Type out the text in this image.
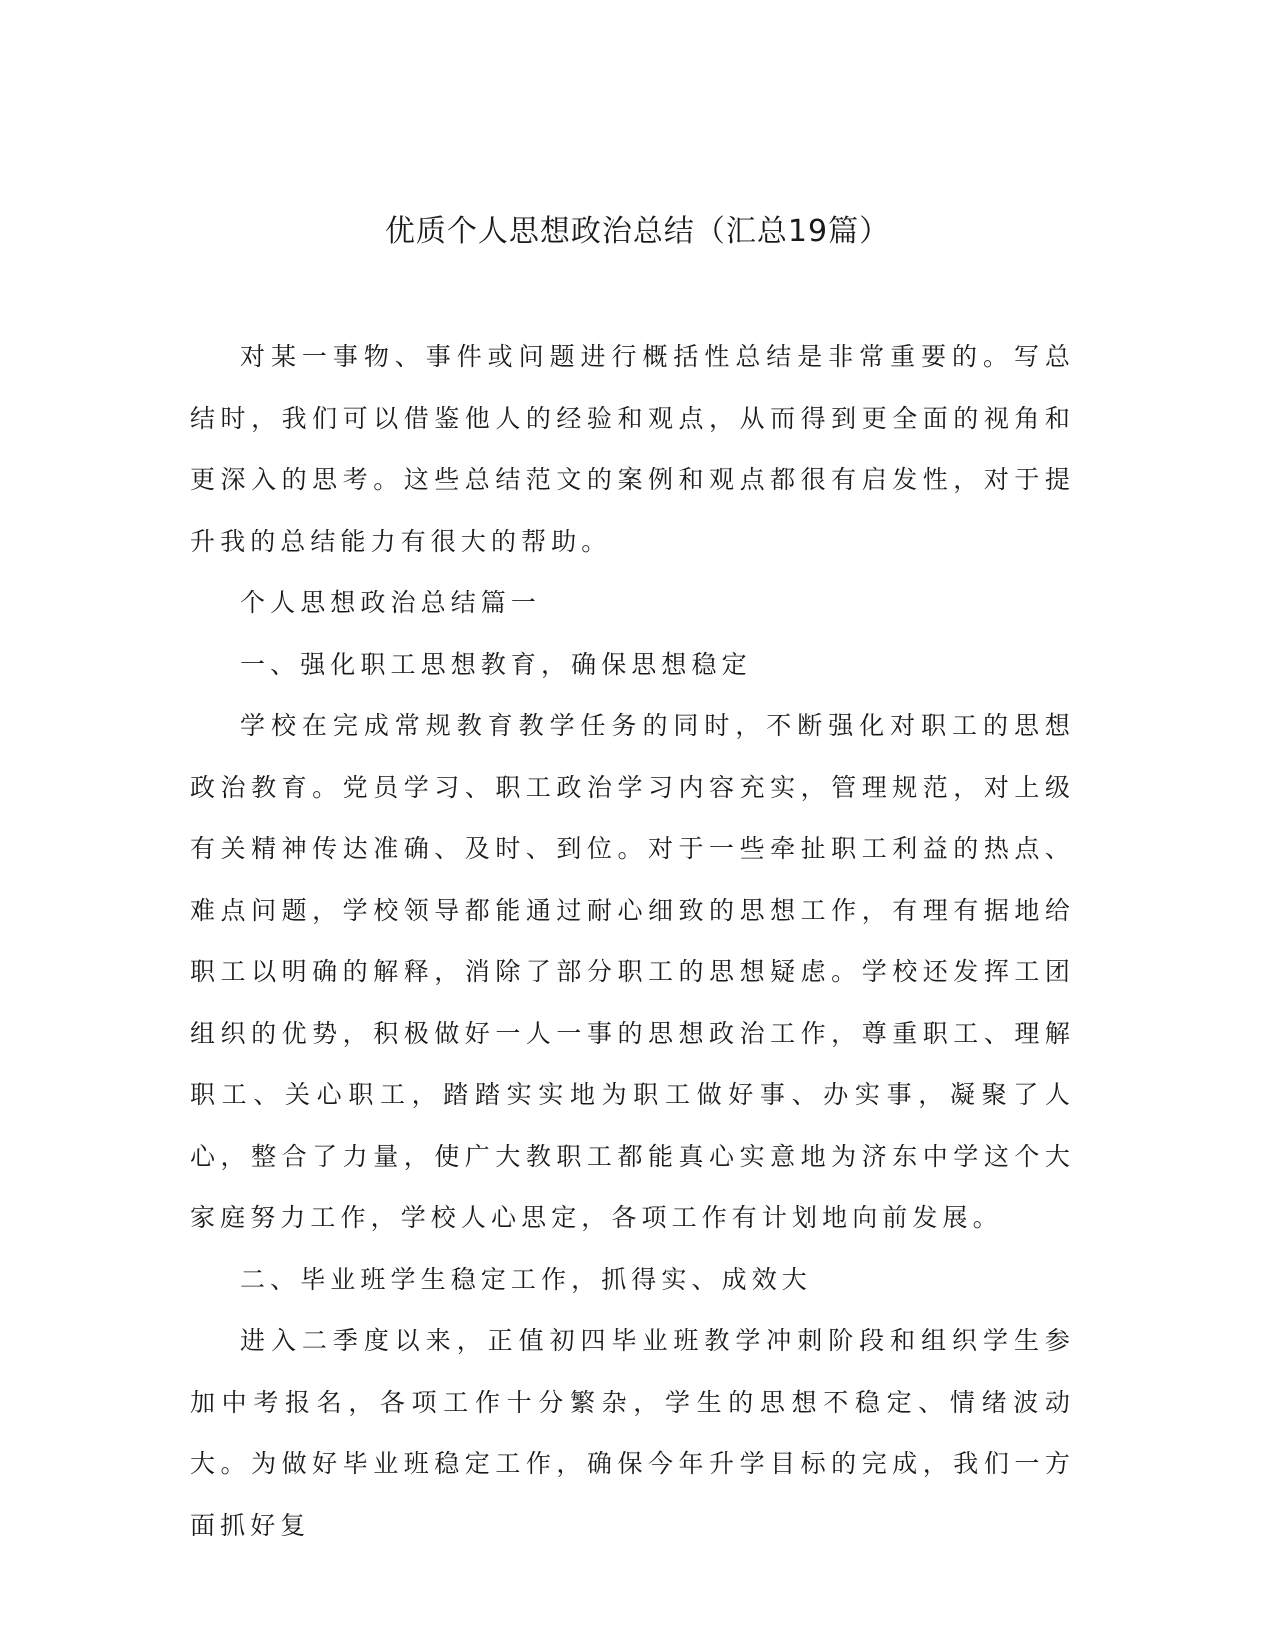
优质个人思想政治总结（汇总19篇）

对某一事物、事件或问题进行概括性总结是非常重要的。写总结时，我们可以借鉴他人的经验和观点，从而得到更全面的视角和更深入的思考。这些总结范文的案例和观点都很有启发性，对于提升我的总结能力有很大的帮助。

个人思想政治总结篇一

一、强化职工思想教育，确保思想稳定

学校在完成常规教育教学任务的同时，不断强化对职工的思想政治教育。党员学习、职工政治学习内容充实，管理规范，对上级有关精神传达准确、及时、到位。对于一些牵扯职工利益的热点、难点问题，学校领导都能通过耐心细致的思想工作，有理有据地给职工以明确的解释，消除了部分职工的思想疑虑。学校还发挥工团组织的优势，积极做好一人一事的思想政治工作，尊重职工、理解职工、关心职工，踏踏实实地为职工做好事、办实事，凝聚了人心，整合了力量，使广大教职工都能真心实意地为济东中学这个大家庭努力工作，学校人心思定，各项工作有计划地向前发展。

二、毕业班学生稳定工作，抓得实、成效大

进入二季度以来，正值初四毕业班教学冲刺阶段和组织学生参加中考报名，各项工作十分繁杂，学生的思想不稳定、情绪波动大。为做好毕业班稳定工作，确保今年升学目标的完成，我们一方面抓好复
